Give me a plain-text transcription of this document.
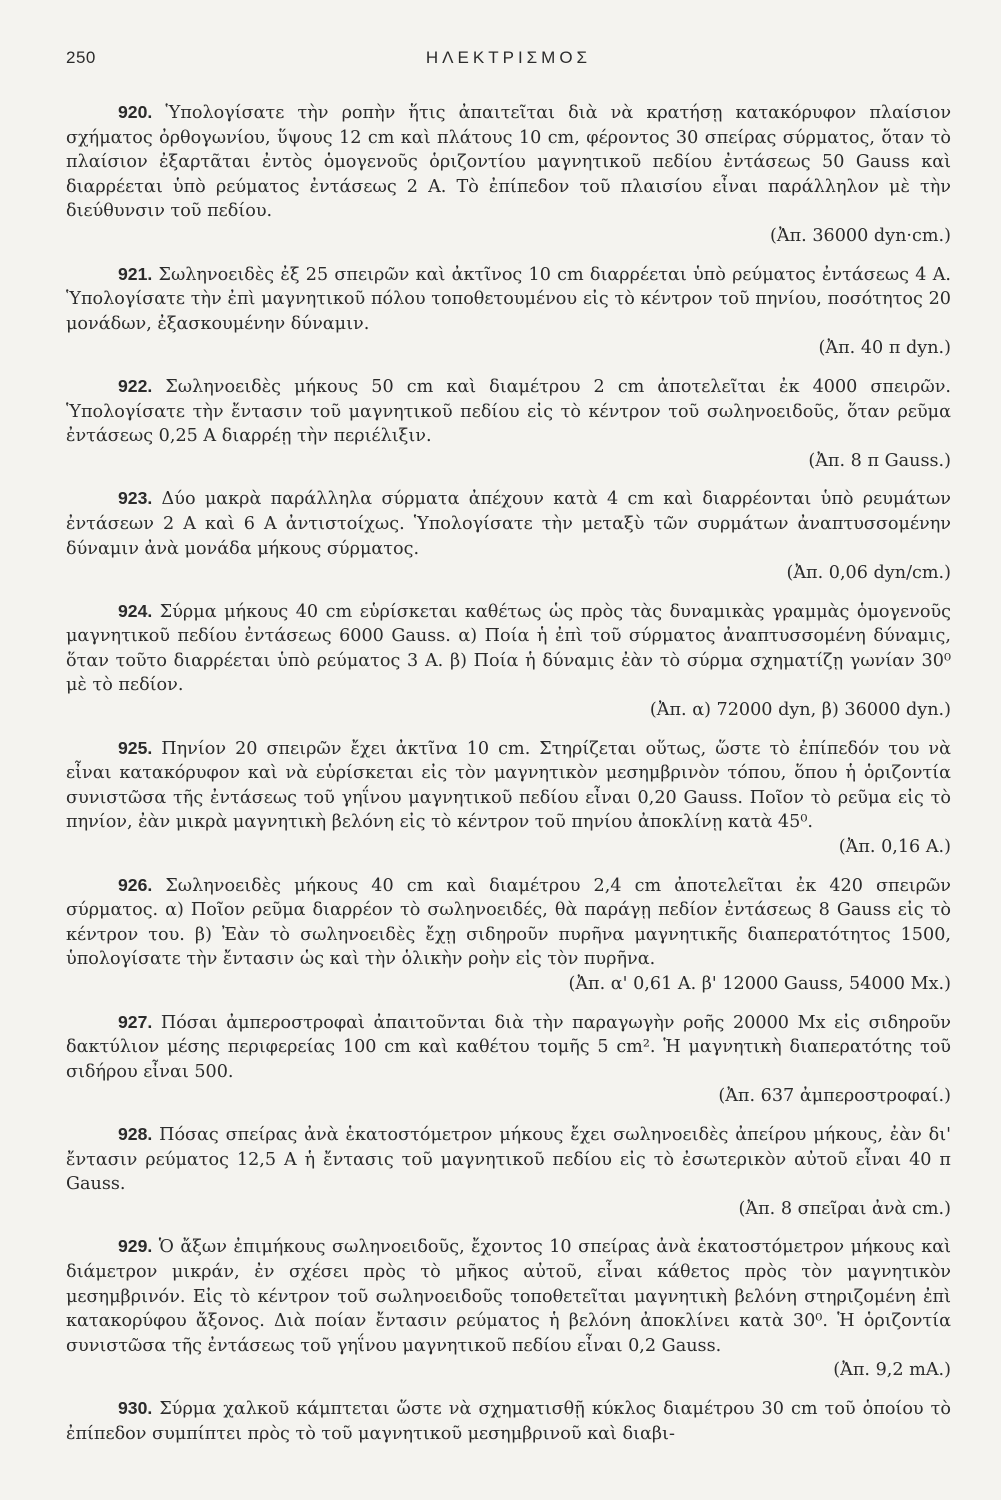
250	ΗΛΕΚΤΡΙΣΜΟΣ
920. Ὑπολογίσατε τὴν ροπὴν ἥτις ἀπαιτεῖται διὰ νὰ κρατήσῃ κατακόρυφον πλαίσιον σχήματος ὀρθογωνίου, ὕψους 12 cm καὶ πλάτους 10 cm, φέροντος 30 σπείρας σύρματος, ὅταν τὸ πλαίσιον ἐξαρτᾶται ἐντὸς ὁμογενοῦς ὁριζοντίου μαγνητικοῦ πεδίου ἐντάσεως 50 Gauss καὶ διαρρέεται ὑπὸ ρεύματος ἐντάσεως 2 Α. Τὸ ἐπίπεδον τοῦ πλαισίου εἶναι παράλληλον μὲ τὴν διεύθυνσιν τοῦ πεδίου.
(Ἀπ. 36000 dyn·cm.)
921. Σωληνοειδὲς ἐξ 25 σπειρῶν καὶ ἀκτῖνος 10 cm διαρρέεται ὑπὸ ρεύματος ἐντάσεως 4 Α. Ὑπολογίσατε τὴν ἐπὶ μαγνητικοῦ πόλου τοποθετουμένου εἰς τὸ κέντρον τοῦ πηνίου, ποσότητος 20 μονάδων, ἐξασκουμένην δύναμιν.
(Ἀπ. 40 π dyn.)
922. Σωληνοειδὲς μήκους 50 cm καὶ διαμέτρου 2 cm ἀποτελεῖται ἐκ 4000 σπειρῶν. Ὑπολογίσατε τὴν ἔντασιν τοῦ μαγνητικοῦ πεδίου εἰς τὸ κέντρον τοῦ σωληνοειδοῦς, ὅταν ρεῦμα ἐντάσεως 0,25 Α διαρρέῃ τὴν περιέλιξιν.
(Ἀπ. 8 π Gauss.)
923. Δύο μακρὰ παράλληλα σύρματα ἀπέχουν κατὰ 4 cm καὶ διαρρέονται ὑπὸ ρευμάτων ἐντάσεων 2 Α καὶ 6 Α ἀντιστοίχως. Ὑπολογίσατε τὴν μεταξὺ τῶν συρμάτων ἀναπτυσσομένην δύναμιν ἀνὰ μονάδα μήκους σύρματος.
(Ἀπ. 0,06 dyn/cm.)
924. Σύρμα μήκους 40 cm εὑρίσκεται καθέτως ὡς πρὸς τὰς δυναμικὰς γραμμὰς ὁμογενοῦς μαγνητικοῦ πεδίου ἐντάσεως 6000 Gauss. α) Ποία ἡ ἐπὶ τοῦ σύρματος ἀναπτυσσομένη δύναμις, ὅταν τοῦτο διαρρέεται ὑπὸ ρεύματος 3 Α. β) Ποία ἡ δύναμις ἐὰν τὸ σύρμα σχηματίζῃ γωνίαν 30⁰ μὲ τὸ πεδίον.
(Ἀπ. α) 72000 dyn, β) 36000 dyn.)
925. Πηνίον 20 σπειρῶν ἔχει ἀκτῖνα 10 cm. Στηρίζεται οὕτως, ὥστε τὸ ἐπίπεδόν του νὰ εἶναι κατακόρυφον καὶ νὰ εὑρίσκεται εἰς τὸν μαγνητικὸν μεσημβρινὸν τόπου, ὅπου ἡ ὁριζοντία συνιστῶσα τῆς ἐντάσεως τοῦ γηΐνου μαγνητικοῦ πεδίου εἶναι 0,20 Gauss. Ποῖον τὸ ρεῦμα εἰς τὸ πηνίον, ἐὰν μικρὰ μαγνητικὴ βελόνη εἰς τὸ κέντρον τοῦ πηνίου ἀποκλίνῃ κατὰ 45⁰.
(Ἀπ. 0,16 Α.)
926. Σωληνοειδὲς μήκους 40 cm καὶ διαμέτρου 2,4 cm ἀποτελεῖται ἐκ 420 σπειρῶν σύρματος. α) Ποῖον ρεῦμα διαρρέον τὸ σωληνοειδές, θὰ παράγῃ πεδίον ἐντάσεως 8 Gauss εἰς τὸ κέντρον του. β) Ἐὰν τὸ σωληνοειδὲς ἔχῃ σιδηροῦν πυρῆνα μαγνητικῆς διαπερατότητος 1500, ὑπολογίσατε τὴν ἔντασιν ὡς καὶ τὴν ὁλικὴν ροὴν εἰς τὸν πυρῆνα.
(Ἀπ. α' 0,61 Α. β' 12000 Gauss, 54000 Mx.)
927. Πόσαι ἀμπεροστροφαὶ ἀπαιτοῦνται διὰ τὴν παραγωγὴν ροῆς 20000 Mx εἰς σιδηροῦν δακτύλιον μέσης περιφερείας 100 cm καὶ καθέτου τομῆς 5 cm². Ἡ μαγνητικὴ διαπερατότης τοῦ σιδήρου εἶναι 500.
(Ἀπ. 637 ἀμπεροστροφαί.)
928. Πόσας σπείρας ἀνὰ ἑκατοστόμετρον μήκους ἔχει σωληνοειδὲς ἀπείρου μήκους, ἐὰν δι' ἔντασιν ρεύματος 12,5 Α ἡ ἔντασις τοῦ μαγνητικοῦ πεδίου εἰς τὸ ἐσωτερικὸν αὐτοῦ εἶναι 40 π Gauss.
(Ἀπ. 8 σπεῖραι ἀνὰ cm.)
929. Ὁ ἄξων ἐπιμήκους σωληνοειδοῦς, ἔχοντος 10 σπείρας ἀνὰ ἑκατοστόμετρον μήκους καὶ διάμετρον μικράν, ἐν σχέσει πρὸς τὸ μῆκος αὐτοῦ, εἶναι κάθετος πρὸς τὸν μαγνητικὸν μεσημβρινόν. Εἰς τὸ κέντρον τοῦ σωληνοειδοῦς τοποθετεῖται μαγνητικὴ βελόνη στηριζομένη ἐπὶ κατακορύφου ἄξονος. Διὰ ποίαν ἔντασιν ρεύματος ἡ βελόνη ἀποκλίνει κατὰ 30⁰. Ἡ ὁριζοντία συνιστῶσα τῆς ἐντάσεως τοῦ γηΐνου μαγνητικοῦ πεδίου εἶναι 0,2 Gauss.
(Ἀπ. 9,2 mA.)
930. Σύρμα χαλκοῦ κάμπτεται ὥστε νὰ σχηματισθῇ κύκλος διαμέτρου 30 cm τοῦ ὁποίου τὸ ἐπίπεδον συμπίπτει πρὸς τὸ τοῦ μαγνητικοῦ μεσημβρινοῦ καὶ διαβι-
